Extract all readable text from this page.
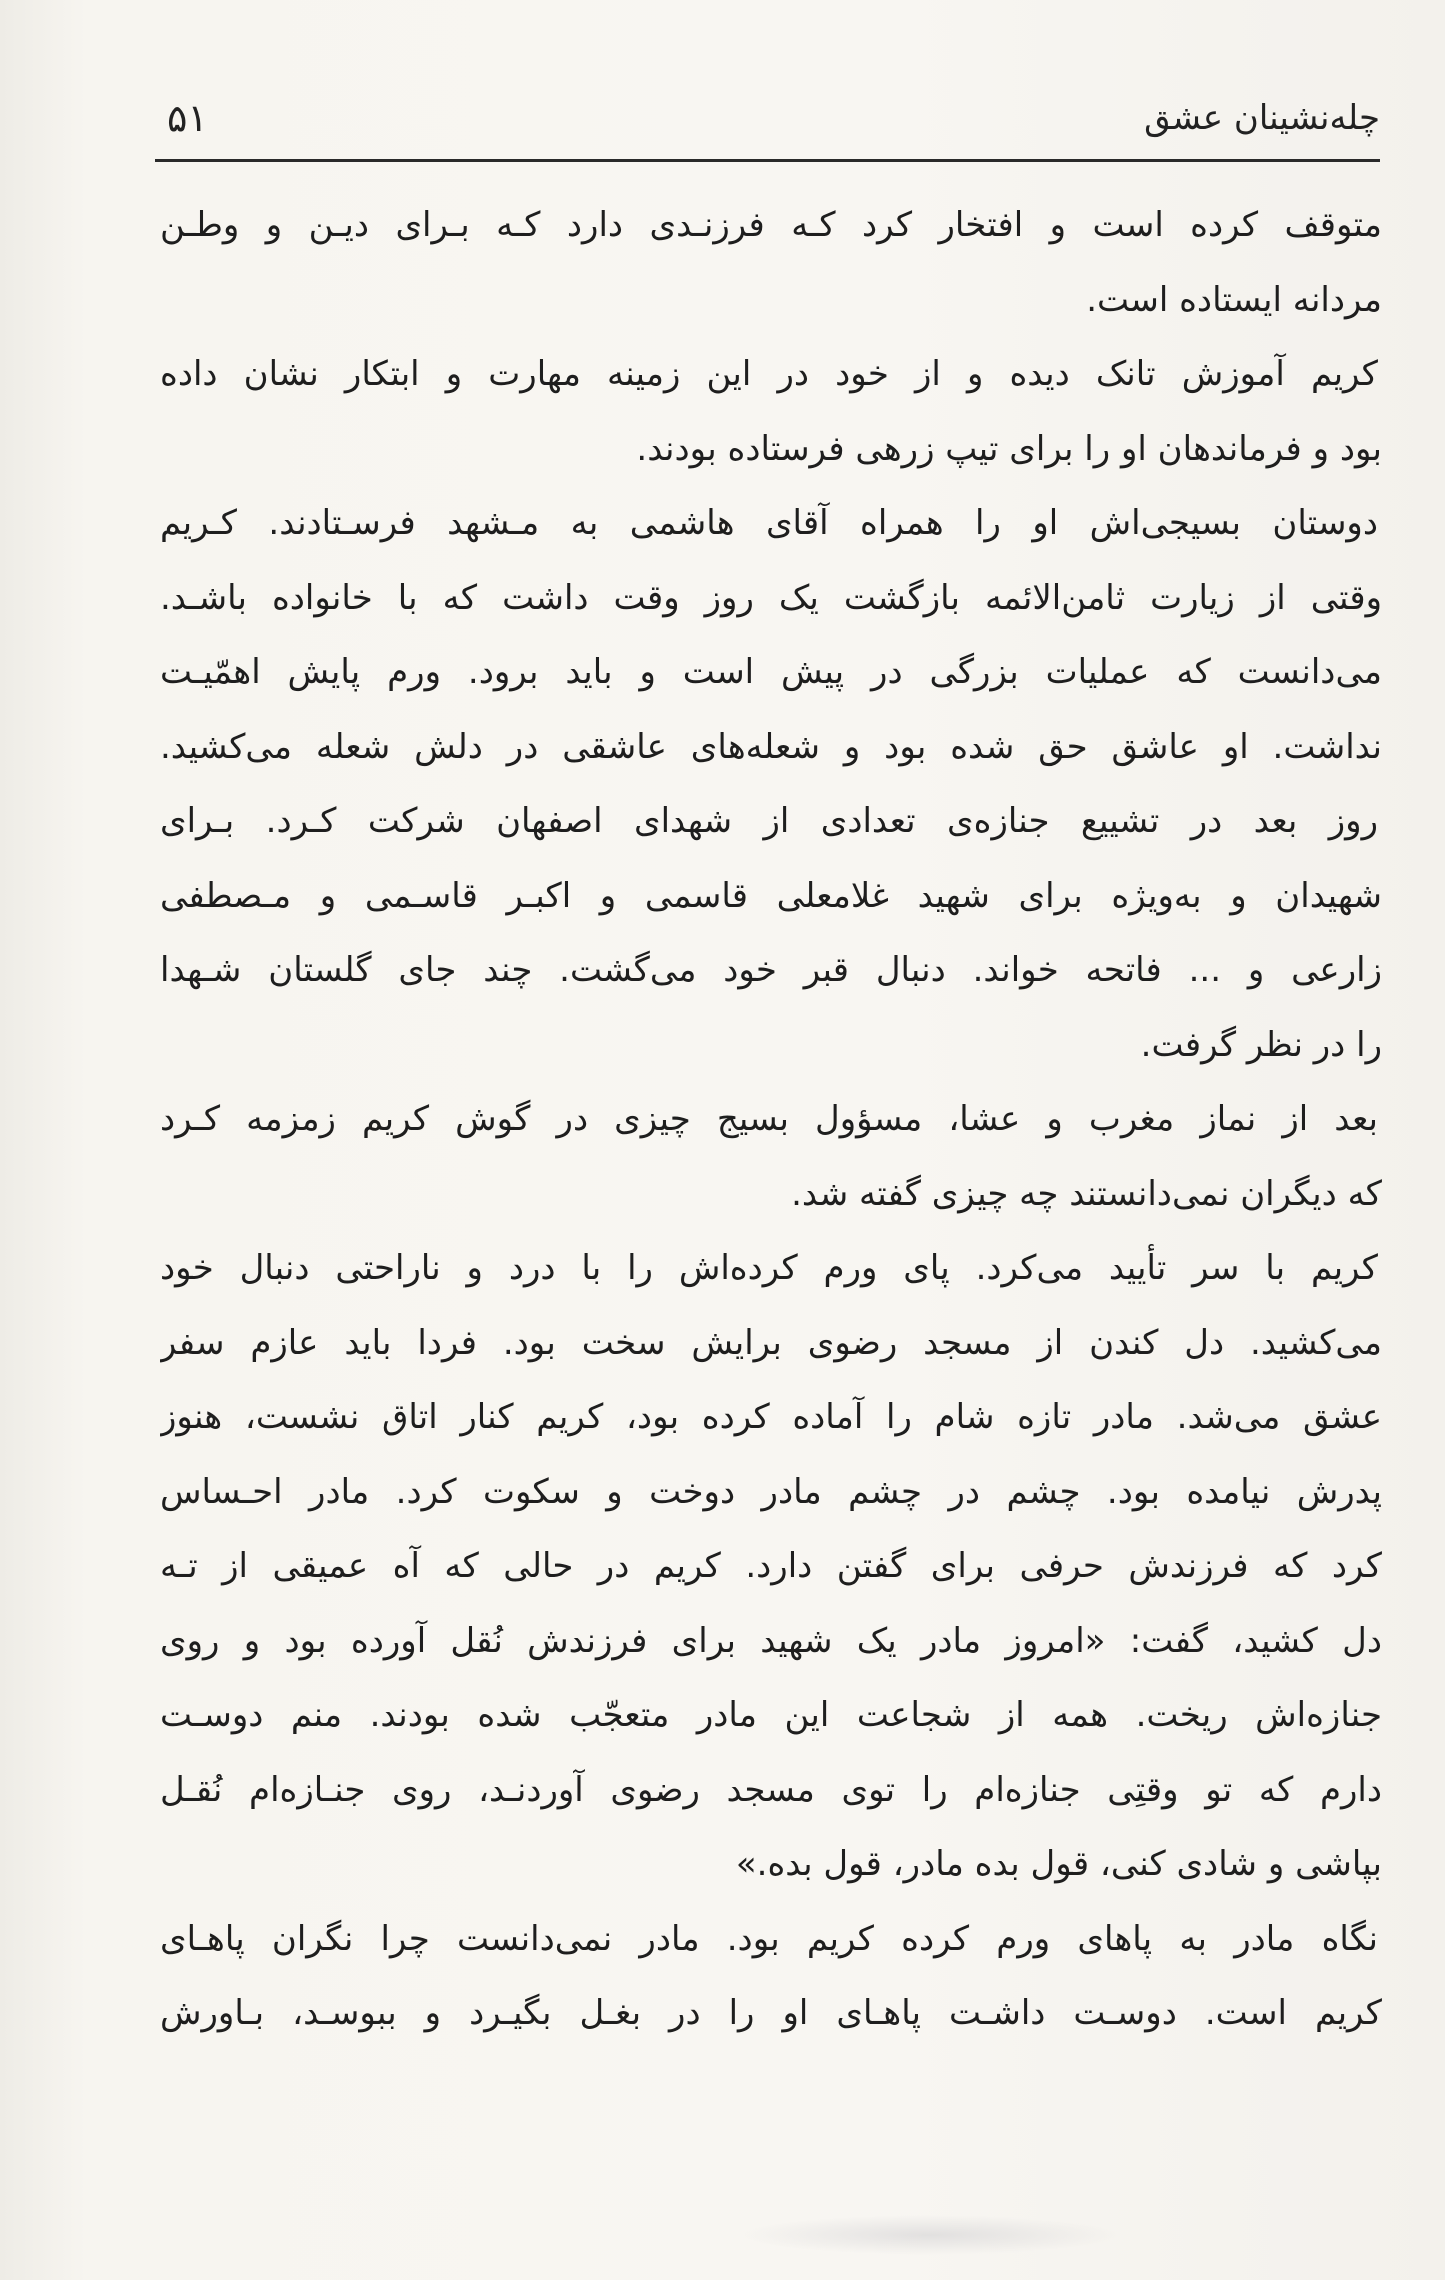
چله‌نشینان عشق
۵۱
متوقف کرده است و افتخار کرد کـه فرزنـدی دارد کـه بـرای دیـن و وطـن
مردانه ایستاده است.
کریم آموزش تانک دیده و از خود در این زمینه مهارت و ابتکار نشان داده
بود و فرماندهان او را برای تیپ زرهی فرستاده بودند.
دوستان بسیجی‌اش او را همراه آقای هاشمی به مـشهد فرسـتادند. کـریم
وقتی از زیارت ثامن‌الائمه بازگشت یک روز وقت داشت که با خانواده باشـد.
می‌دانست که عملیات بزرگی در پیش است و باید برود. ورم پایش اهمّیـت
نداشت. او عاشق حق شده بود و شعله‌های عاشقی در دلش شعله می‌کشید.
روز بعد در تشییع جنازه‌ی تعدادی از شهدای اصفهان شرکت کـرد. بـرای
شهیدان و به‌ویژه برای شهید غلامعلی قاسمی و اکبـر قاسـمی و مـصطفی
زارعی و ... فاتحه خواند. دنبال قبر خود می‌گشت. چند جای گلستان شـهدا
را در نظر گرفت.
بعد از نماز مغرب و عشا، مسؤول بسیج چیزی در گوش کریم زمزمه کـرد
که دیگران نمی‌دانستند چه چیزی گفته شد.
کریم با سر تأیید می‌کرد. پای ورم کرده‌اش را با درد و ناراحتی دنبال خود
می‌کشید. دل کندن از مسجد رضوی برایش سخت بود. فردا باید عازم سفر
عشق می‌شد. مادر تازه شام را آماده کرده بود، کریم کنار اتاق نشست، هنوز
پدرش نیامده بود. چشم در چشم مادر دوخت و سکوت کرد. مادر احـساس
کرد که فرزندش حرفی برای گفتن دارد. کریم در حالی که آه عمیقی از تـه
دل کشید، گفت: «امروز مادر یک شهید برای فرزندش نُقل آورده بود و روی
جنازه‌اش ریخت. همه از شجاعت این مادر متعجّب شده بودند. منم دوسـت
دارم که تو وقتِی جنازه‌ام را توی مسجد رضوی آوردنـد، روی جنـازه‌ام نُقـل
بپاشی و شادی کنی، قول بده مادر، قول بده.»
نگاه مادر به پاهای ورم کرده کریم بود. مادر نمی‌دانست چرا نگران پاهـای
کریم است. دوسـت داشـت پاهـای او را در بغـل بگیـرد و ببوسـد، بـاورش
